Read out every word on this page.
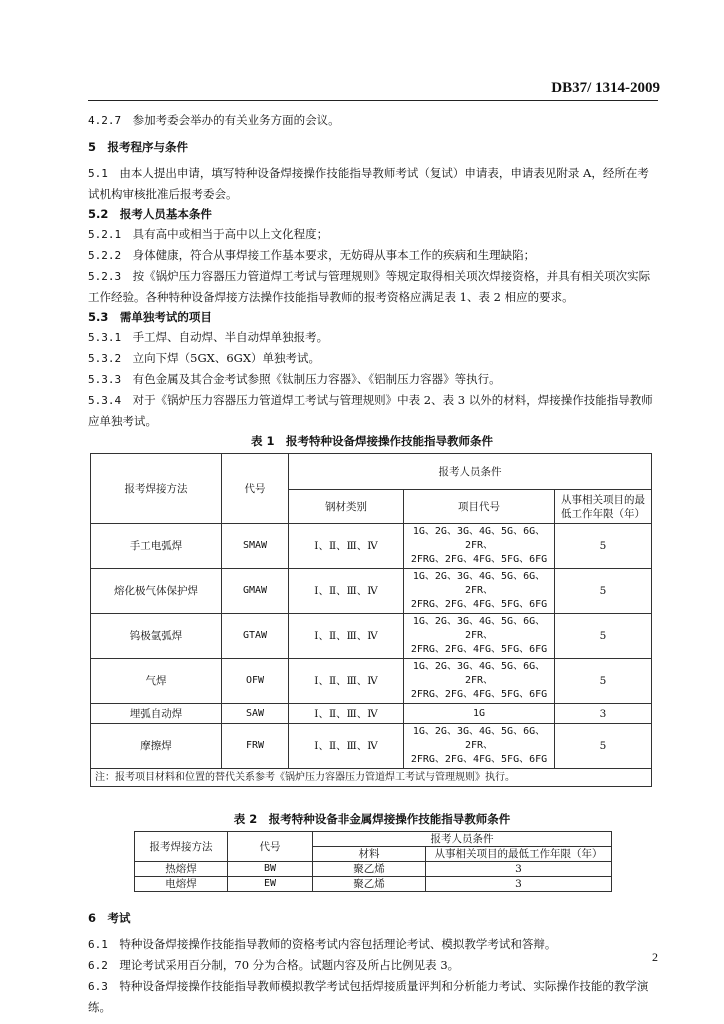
DB37/ 1314-2009

4.2.7　 参加考委会举办的有关业务方面的会议。

5　 报考程序与条件

5.1　 由本人提出申请，填写特种设备焊接操作技能指导教师考试（复试）申请表，申请表见附录 A，经所在考试机构审核批准后报考委会。

5.2　 报考人员基本条件

5.2.1　 具有高中或相当于高中以上文化程度；

5.2.2　 身体健康，符合从事焊接工作基本要求，无妨碍从事本工作的疾病和生理缺陷；

5.2.3　 按《锅炉压力容器压力管道焊工考试与管理规则》等规定取得相关项次焊接资格，并具有相关项次实际工作经验。各种特种设备焊接方法操作技能指导教师的报考资格应满足表 1、表 2 相应的要求。

5.3　 需单独考试的项目

5.3.1　 手工焊、自动焊、半自动焊单独报考。

5.3.2　 立向下焊（5GX、6GX）单独考试。

5.3.3　 有色金属及其合金考试参照《钛制压力容器》、《铝制压力容器》等执行。

5.3.4　 对于《锅炉压力容器压力管道焊工考试与管理规则》中表 2、表 3 以外的材料，焊接操作技能指导教师应单独考试。

表 1　报考特种设备焊接操作技能指导教师条件

报考焊接方法	代号	报考人员条件		
		钢材类别	项目代号	从事相关项目的最低工作年限（年）
手工电弧焊	SMAW	Ⅰ、Ⅱ、Ⅲ、Ⅳ	1G、2G、3G、4G、5G、6G、2FR、
2FRG、2FG、4FG、5FG、6FG	5
熔化极气体保护焊	GMAW	Ⅰ、Ⅱ、Ⅲ、Ⅳ	1G、2G、3G、4G、5G、6G、2FR、
2FRG、2FG、4FG、5FG、6FG	5
钨极氩弧焊	GTAW	Ⅰ、Ⅱ、Ⅲ、Ⅳ	1G、2G、3G、4G、5G、6G、2FR、
2FRG、2FG、4FG、5FG、6FG	5
气焊	OFW	Ⅰ、Ⅱ、Ⅲ、Ⅳ	1G、2G、3G、4G、5G、6G、2FR、
2FRG、2FG、4FG、5FG、6FG	5
埋弧自动焊	SAW	Ⅰ、Ⅱ、Ⅲ、Ⅳ	1G	3
摩擦焊	FRW	Ⅰ、Ⅱ、Ⅲ、Ⅳ	1G、2G、3G、4G、5G、6G、2FR、
2FRG、2FG、4FG、5FG、6FG	5
注：报考项目材料和位置的替代关系参考《锅炉压力容器压力管道焊工考试与管理规则》执行。				

表 2　报考特种设备非金属焊接操作技能指导教师条件

报考焊接方法	代号	报考人员条件	
		材料	从事相关项目的最低工作年限（年）
热熔焊	BW	聚乙烯	3
电熔焊	EW	聚乙烯	3

6　 考试

6.1　 特种设备焊接操作技能指导教师的资格考试内容包括理论考试、模拟教学考试和答辩。

6.2　 理论考试采用百分制，70 分为合格。试题内容及所占比例见表 3。

6.3　 特种设备焊接操作技能指导教师模拟教学考试包括焊接质量评判和分析能力考试、实际操作技能的教学演练。

2
